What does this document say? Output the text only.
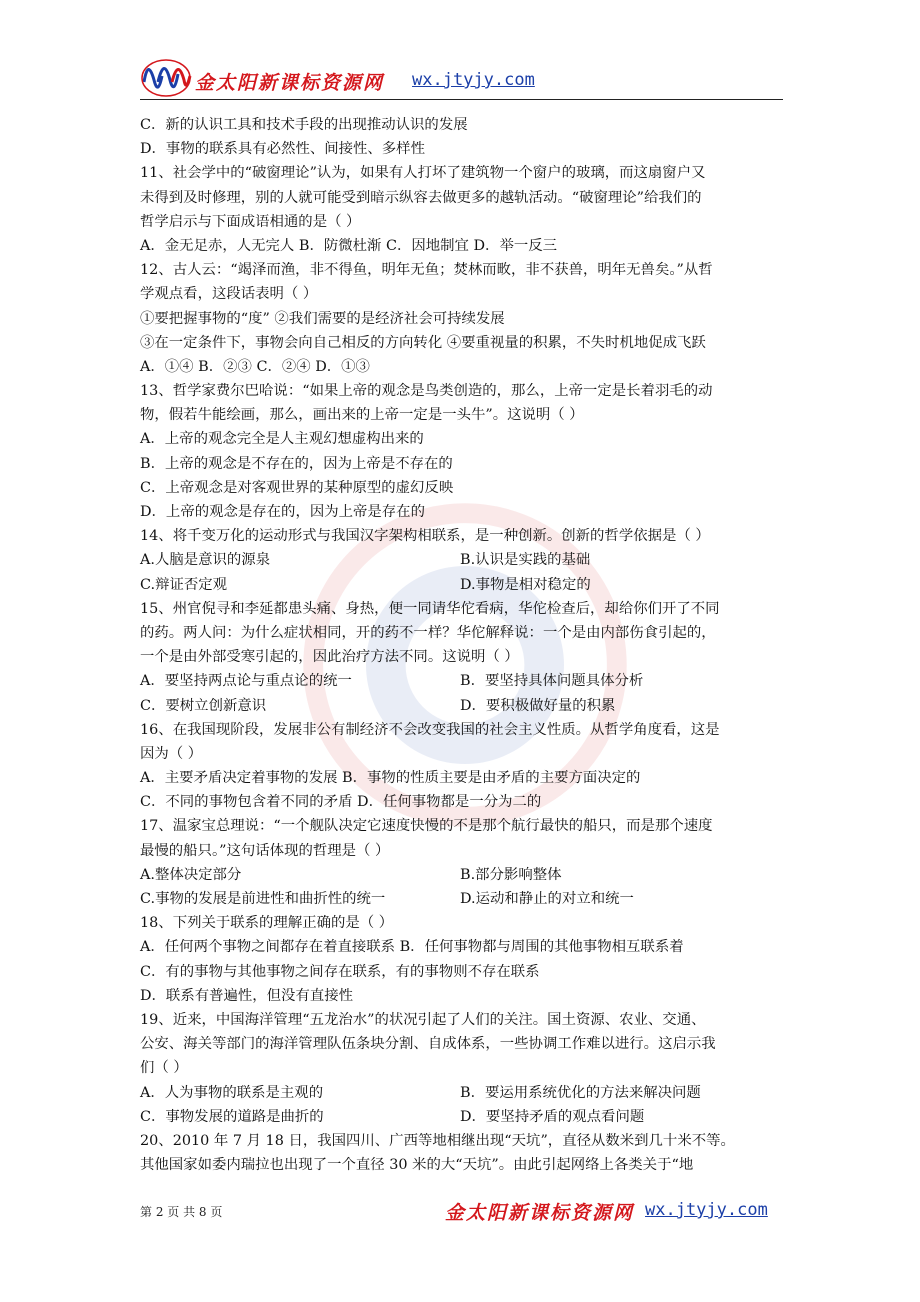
金太阳新课标资源网 wx.jtyjy.com
C．新的认识工具和技术手段的出现推动认识的发展
D．事物的联系具有必然性、间接性、多样性
11、社会学中的“破窗理论”认为，如果有人打坏了建筑物一个窗户的玻璃，而这扇窗户又
未得到及时修理，别的人就可能受到暗示纵容去做更多的越轨活动。“破窗理论”给我们的
哲学启示与下面成语相通的是（ ）
A．金无足赤，人无完人 B．防微杜渐 C．因地制宜 D．举一反三
12、古人云：“竭泽而渔，非不得鱼，明年无鱼；焚林而畋，非不获兽，明年无兽矣。”从哲
学观点看，这段话表明（ ）
①要把握事物的“度” ②我们需要的是经济社会可持续发展
③在一定条件下，事物会向自己相反的方向转化 ④要重视量的积累，不失时机地促成飞跃
A．①④ B．②③ C．②④ D．①③
13、哲学家费尔巴哈说：“如果上帝的观念是鸟类创造的，那么，上帝一定是长着羽毛的动
物，假若牛能绘画，那么，画出来的上帝一定是一头牛”。这说明（ ）
A．上帝的观念完全是人主观幻想虚构出来的
B．上帝的观念是不存在的，因为上帝是不存在的
C．上帝观念是对客观世界的某种原型的虚幻反映
D．上帝的观念是存在的，因为上帝是存在的
14、将千变万化的运动形式与我国汉字架构相联系，是一种创新。创新的哲学依据是（ ）
A.人脑是意识的源泉	B.认识是实践的基础
C.辩证否定观	D.事物是相对稳定的
15、州官倪寻和李延都患头痛、身热，便一同请华佗看病，华佗检查后，却给你们开了不同
的药。两人问：为什么症状相同，开的药不一样？华佗解释说：一个是由内部伤食引起的，
一个是由外部受寒引起的，因此治疗方法不同。这说明（ ）
A．要坚持两点论与重点论的统一	B．要坚持具体问题具体分析
C．要树立创新意识	D．要积极做好量的积累
16、在我国现阶段，发展非公有制经济不会改变我国的社会主义性质。从哲学角度看，这是
因为（ ）
A．主要矛盾决定着事物的发展 B．事物的性质主要是由矛盾的主要方面决定的
C．不同的事物包含着不同的矛盾 D．任何事物都是一分为二的
17、温家宝总理说：“一个舰队决定它速度快慢的不是那个航行最快的船只，而是那个速度
最慢的船只。”这句话体现的哲理是（ ）
A.整体决定部分	B.部分影响整体
C.事物的发展是前进性和曲折性的统一	D.运动和静止的对立和统一
18、下列关于联系的理解正确的是（ ）
A．任何两个事物之间都存在着直接联系 B．任何事物都与周围的其他事物相互联系着
C．有的事物与其他事物之间存在联系，有的事物则不存在联系
D．联系有普遍性，但没有直接性
19、近来，中国海洋管理“五龙治水”的状况引起了人们的关注。国土资源、农业、交通、
公安、海关等部门的海洋管理队伍条块分割、自成体系，一些协调工作难以进行。这启示我
们（ ）
A．人为事物的联系是主观的	B．要运用系统优化的方法来解决问题
C．事物发展的道路是曲折的	D．要坚持矛盾的观点看问题
20、2010 年 7 月 18 日，我国四川、广西等地相继出现“天坑”，直径从数米到几十米不等。
其他国家如委内瑞拉也出现了一个直径 30 米的大“天坑”。由此引起网络上各类关于“地
第 2 页 共 8 页	金太阳新课标资源网 wx.jtyjy.com
